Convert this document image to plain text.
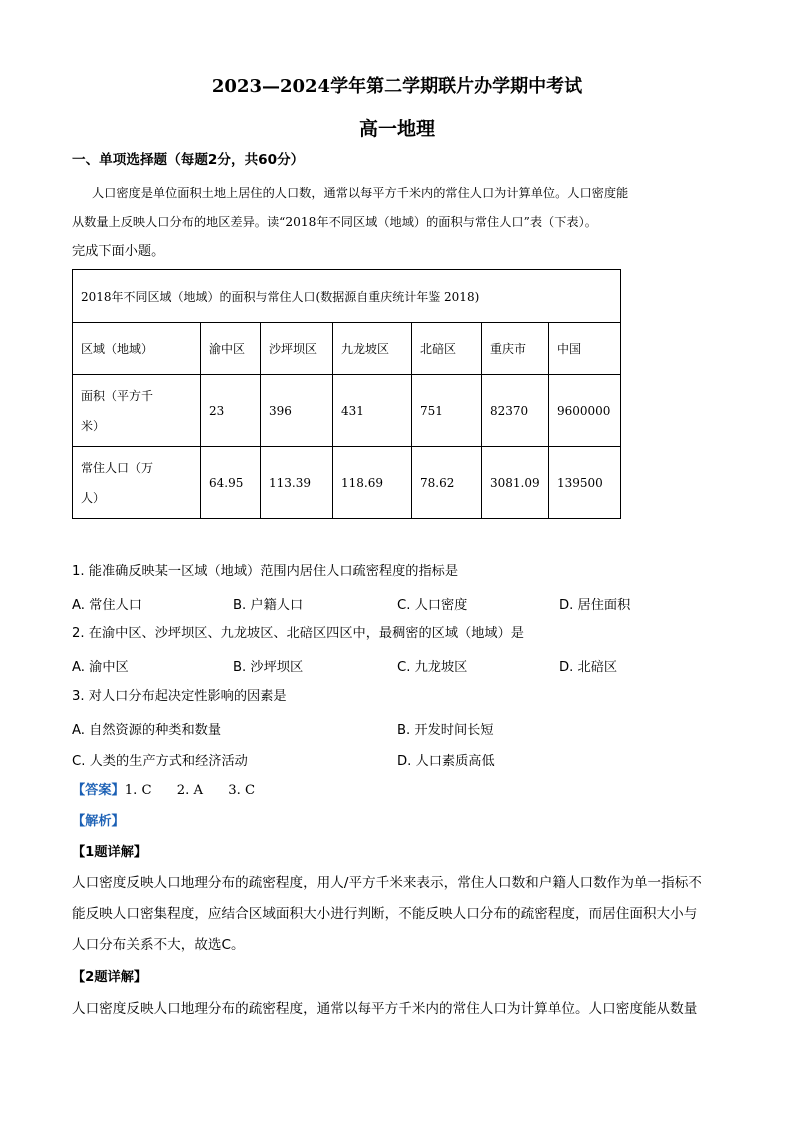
2023—2024学年第二学期联片办学期中考试
高一地理
一、单项选择题（每题2分，共60分）
人口密度是单位面积土地上居住的人口数，通常以每平方千米内的常住人口为计算单位。人口密度能
从数量上反映人口分布的地区差异。读“2018年不同区域（地域）的面积与常住人口”表（下表）。
完成下面小题。
2018年不同区域（地域）的面积与常住人口(数据源自重庆统计年鉴 2018)						
区域（地域）	渝中区	沙坪坝区	九龙坡区	北碚区	重庆市	中国
面积（平方千
米）	23	396	431	751	82370	9600000
常住人口（万
人）	64.95	113.39	118.69	78.62	3081.09	139500
1. 能准确反映某一区域（地域）范围内居住人口疏密程度的指标是
A. 常住人口	B. 户籍人口	C. 人口密度	D. 居住面积
2. 在渝中区、沙坪坝区、九龙坡区、北碚区四区中，最稠密的区域（地域）是
A. 渝中区	B. 沙坪坝区	C. 九龙坡区	D. 北碚区
3. 对人口分布起决定性影响的因素是
A. 自然资源的种类和数量	B. 开发时间长短
C. 人类的生产方式和经济活动	D. 人口素质高低
【答案】1. C      2. A      3. C
【解析】
【1题详解】
人口密度反映人口地理分布的疏密程度，用人/平方千米来表示，常住人口数和户籍人口数作为单一指标不
能反映人口密集程度，应结合区域面积大小进行判断，不能反映人口分布的疏密程度，而居住面积大小与
人口分布关系不大，故选C。
【2题详解】
人口密度反映人口地理分布的疏密程度，通常以每平方千米内的常住人口为计算单位。人口密度能从数量
